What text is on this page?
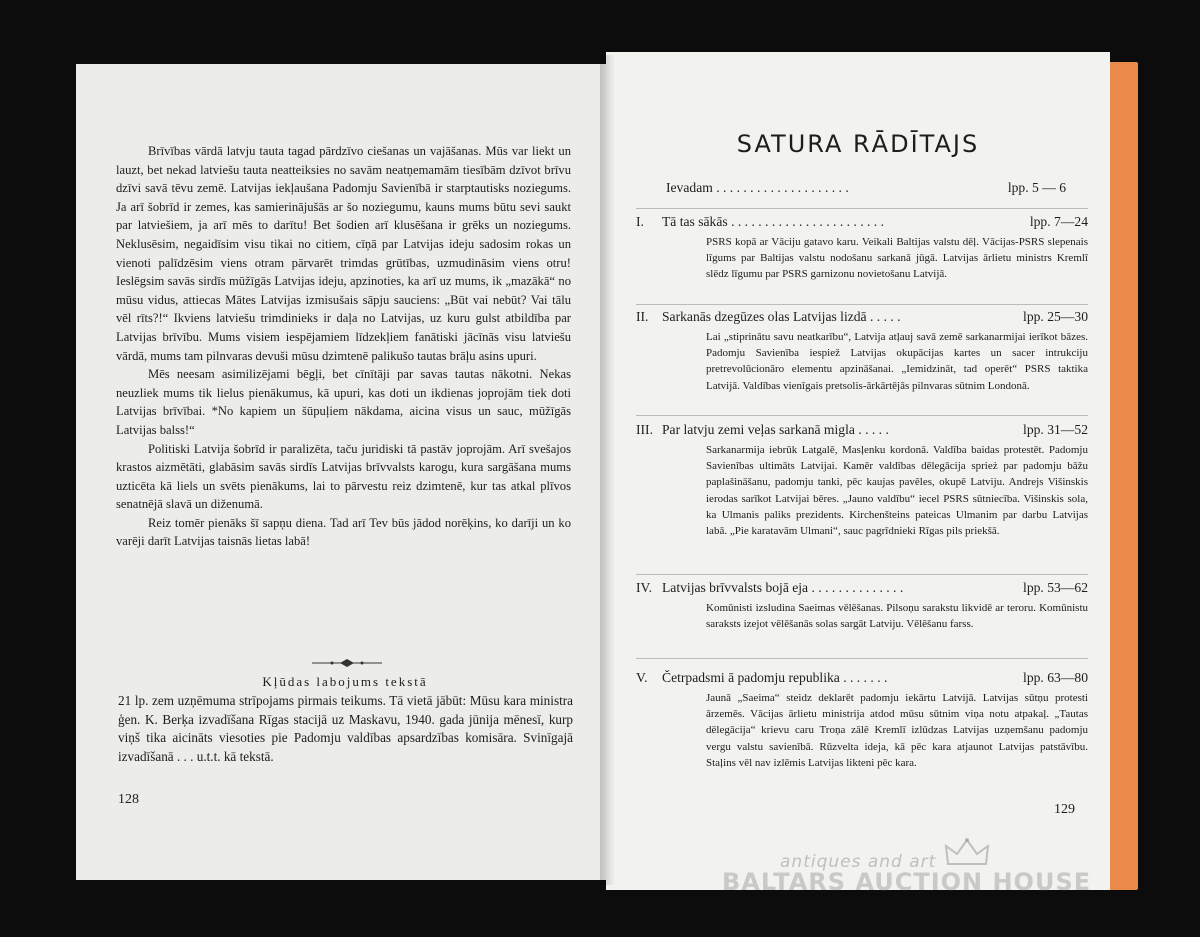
Brīvības vārdā latvju tauta tagad pārdzīvo ciešanas un vajāšanas. Mūs var liekt un lauzt, bet nekad latviešu tauta neatteiksies no savām neatņemamām tiesībām dzīvot brīvu dzīvi savā tēvu zemē. Latvijas iekļaušana Padomju Savienībā ir starptautisks noziegums. Ja arī šobrīd ir zemes, kas samierinājušās ar šo noziegumu, kauns mums būtu sevi saukt par latviešiem, ja arī mēs to darītu! Bet šodien arī klusēšana ir grēks un noziegums. Neklusēsim, negaidīsim visu tikai no citiem, cīņā par Latvijas ideju sadosim rokas un vienoti palīdzēsim viens otram pārvarēt trimdas grūtības, uzmudināsim viens otru! Ieslēgsim savās sirdīs mūžīgās Latvijas ideju, apzinoties, ka arī uz mums, ik „mazākā“ no mūsu vidus, attiecas Mātes Latvijas izmisušais sāpju sauciens: „Būt vai nebūt? Vai tālu vēl rīts?!“ Ikviens latviešu trimdinieks ir daļa no Latvijas, uz kuru gulst atbildība par Latvijas brīvību. Mums visiem iespējamiem līdzekļiem fanātiski jācīnās visu latviešu vārdā, mums tam pilnvaras devuši mūsu dzimtenē palikušo tautas brāļu asins upuri.

Mēs neesam asimilizējami bēgļi, bet cīnītāji par savas tautas nākotni. Nekas neuzliek mums tik lielus pienākumus, kā upuri, kas doti un ikdienas joprojām tiek doti Latvijas brīvībai. *No kapiem un šūpuļiem nākdama, aicina visus un sauc, mūžīgās Latvijas balss!“

Politiski Latvija šobrīd ir paralizēta, taču juridiski tā pastāv joprojām. Arī svešajos krastos aizmētāti, glabāsim savās sirdīs Latvijas brīvvalsts karogu, kura sargāšana mums uzticēta kā liels un svēts pienākums, lai to pārvestu reiz dzimtenē, kur tas atkal plīvos senatnējā slavā un diženumā.

Reiz tomēr pienāks šī sapņu diena. Tad arī Tev būs jādod norēķins, ko darīji un ko varēji darīt Latvijas taisnās lietas labā!

Kļūdas labojums tekstā
21 lp. zem uzņēmuma strīpojams pirmais teikums. Tā vietā jābūt: Mūsu kara ministra ģen. K. Berķa izvadīšana Rīgas stacijā uz Maskavu, 1940. gada jūnija mēnesī, kurp viņš tika aicināts viesoties pie Padomju valdības apsardzības komisāra. Svinīgajā izvadīšanā . . . u.t.t. kā tekstā.
128
SATURA RĀDĪTAJS
Ievadam . . . . . . . . . . . . . . . . . . . .	lpp. 5 — 6
I. Tā tas sākās . . . . . . . . . . . . . . . . . . . . . . .	lpp. 7—24
PSRS kopā ar Vāciju gatavo karu. Veikali Baltijas valstu dēļ. Vācijas-PSRS slepenais līgums par Baltijas valstu nodošanu sarkanā jūgā. Latvijas ārlietu ministrs Kremlī slēdz līgumu par PSRS garnizonu novietošanu Latvijā.
II. Sarkanās dzegūzes olas Latvijas lizdā . . . . .	lpp. 25—30
Lai „stiprinātu savu neatkarību“, Latvija atļauj savā zemē sarkanarmijai ierīkot bāzes. Padomju Savienība iespiež Latvijas okupācijas kartes un sacer intrukciju pretrevolūcionāro elementu apzināšanai. „Iemidzināt, tad operēt“ PSRS taktika Latvijā. Valdības vienīgais pretsolis-ārkārtējās pilnvaras sūtnim Londonā.
III. Par latvju zemi veļas sarkanā migla . . . . .	lpp. 31—52
Sarkanarmija iebrūk Latgalē, Masļenku kordonā. Valdība baidas protestēt. Padomju Savienības ultimāts Latvijai. Kamēr valdības dēlegācija sprież par padomju bāžu paplašināšanu, padomju tanki, pēc kaujas pavēles, okupē Latviju. Andrejs Višinskis ierodas sarīkot Latvijai bēres. „Jauno valdību“ iecel PSRS sūtniecība. Višinskis sola, ka Ulmanis paliks prezidents. Kirchenšteins pateicas Ulmanim par darbu Latvijas labā. „Pie karatavām Ulmani“, sauc pagrīdnieki Rīgas pils priekšā.
IV. Latvijas brīvvalsts bojā eja . . . . . . . . . . . . . .	lpp. 53—62
Komūnisti izsludina Saeimas vēlēšanas. Pilsoņu sarakstu likvidē ar teroru. Komūnistu saraksts izejot vēlēšanās solas sargāt Latviju. Vēlēšanu farss.
V. Četrpadsmi ā padomju republika . . . . . . .	lpp. 63—80
Jaunā „Saeima“ steidz deklarēt padomju iekārtu Latvijā. Latvijas sūtņu protesti ārzemēs. Vācijas ārlietu ministrija atdod mūsu sūtnim viņa notu atpakaļ. „Tautas dēlegācija“ krievu caru Troņa zālē Kremlī izlūdzas Latvijas uzņemšanu padomju vergu valstu savienībā. Rūzvelta ideja, kā pēc kara atjaunot Latvijas patstāvību. Staļins vēl nav izlēmis Latvijas likteni pēc kara.
129
antiques and art
BALTARS AUCTION HOUSE
